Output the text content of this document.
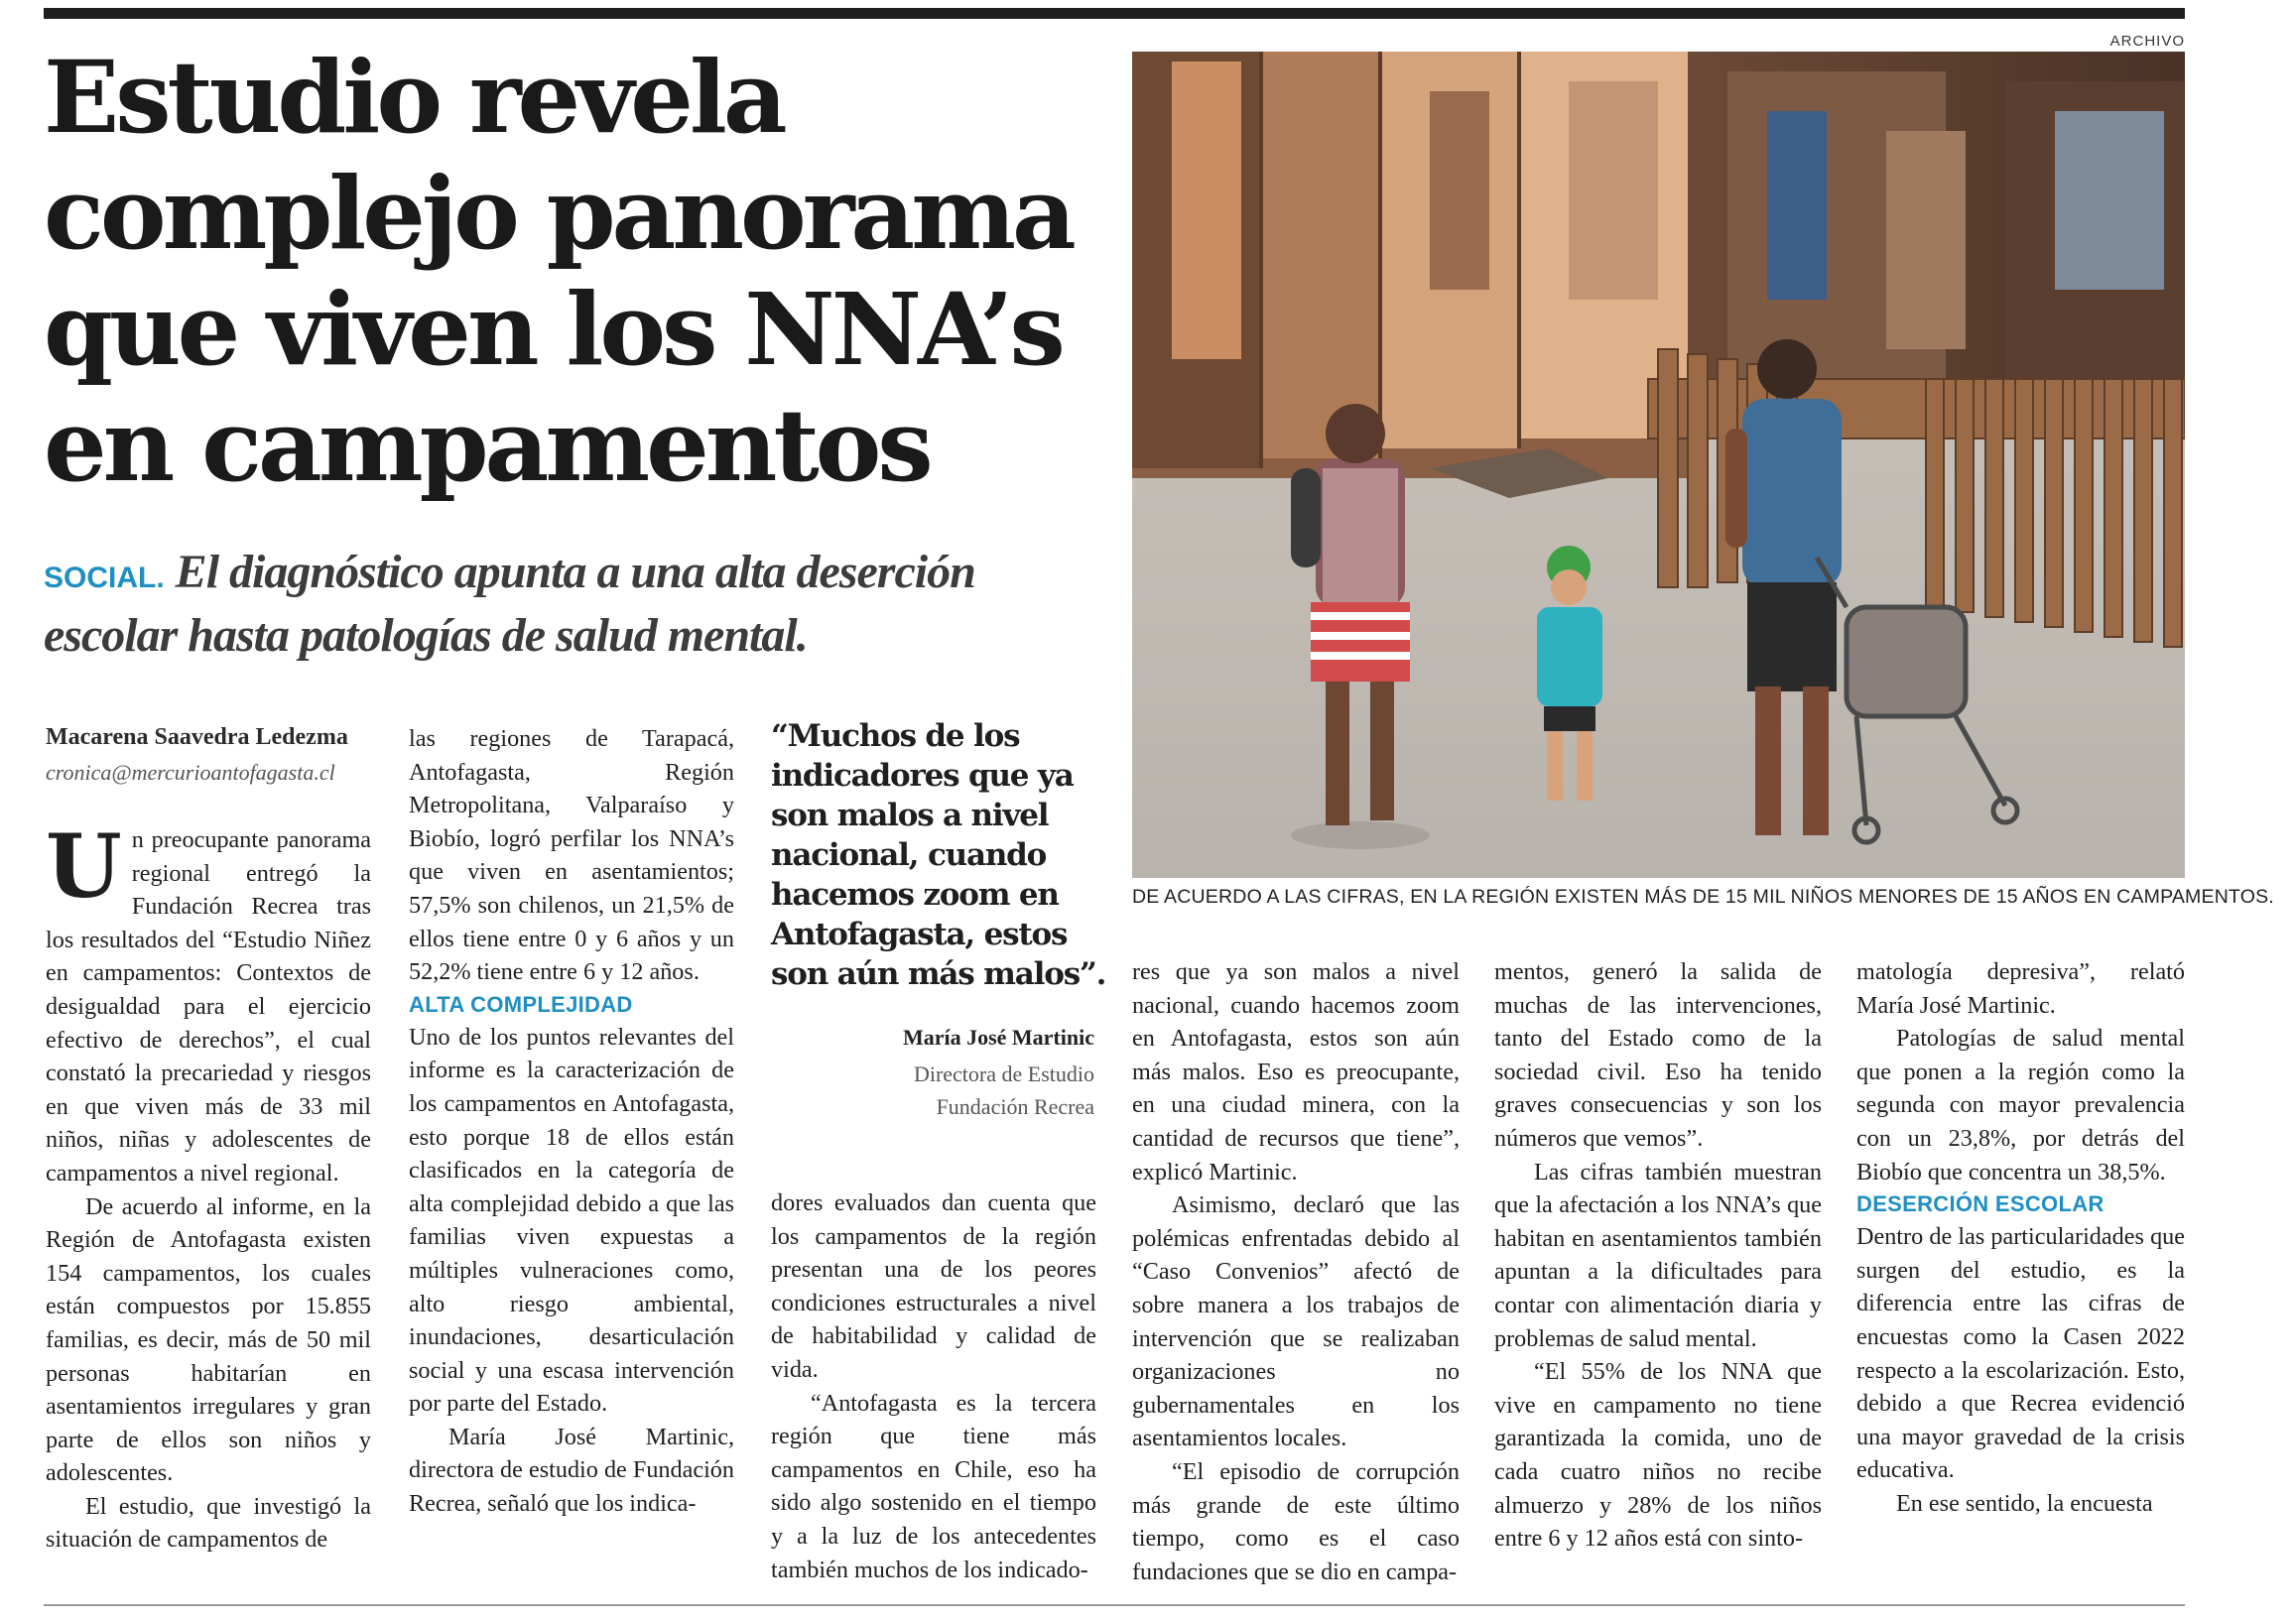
Estudio revela complejo panorama que viven los NNA’s en campamentos

SOCIAL. El diagnóstico apunta a una alta deserción escolar hasta patologías de salud mental.

ARCHIVO
DE ACUERDO A LAS CIFRAS, EN LA REGIÓN EXISTEN MÁS DE 15 MIL NIÑOS MENORES DE 15 AÑOS EN CAMPAMENTOS.
Macarena Saavedra Ledezma
cronica@mercurioantofagasta.cl

Un preocupante panorama regional entregó la Fundación Recrea tras los resultados del “Estudio Niñez en campamentos: Contextos de desigualdad para el ejercicio efectivo de derechos”, el cual constató la precariedad y riesgos en que viven más de 33 mil niños, niñas y adolescentes de campamentos a nivel regional.

De acuerdo al informe, en la Región de Antofagasta existen 154 campamentos, los cuales están compuestos por 15.855 familias, es decir, más de 50 mil personas habitarían en asentamientos irregulares y gran parte de ellos son niños y adolescentes.

El estudio, que investigó la situación de campamentos de

las regiones de Tarapacá, Antofagasta, Región Metropolitana, Valparaíso y Biobío, logró perfilar los NNA’s que viven en asentamientos; 57,5% son chilenos, un 21,5% de ellos tiene entre 0 y 6 años y un 52,2% tiene entre 6 y 12 años.

ALTA COMPLEJIDAD

Uno de los puntos relevantes del informe es la caracterización de los campamentos en Antofagasta, esto porque 18 de ellos están clasificados en la categoría de alta complejidad debido a que las familias viven expuestas a múltiples vulneraciones como, alto riesgo ambiental, inundaciones, desarticulación social y una escasa intervención por parte del Estado.

María José Martinic, directora de estudio de Fundación Recrea, señaló que los indica-

“Muchos de los indicadores que ya son malos a nivel nacional, cuando hacemos zoom en Antofagasta, estos son aún más malos”.

María José Martinic
Directora de Estudio
Fundación Recrea

dores evaluados dan cuenta que los campamentos de la región presentan una de los peores condiciones estructurales a nivel de habitabilidad y calidad de vida.

“Antofagasta es la tercera región que tiene más campamentos en Chile, eso ha sido algo sostenido en el tiempo y a la luz de los antecedentes también muchos de los indicado-

res que ya son malos a nivel nacional, cuando hacemos zoom en Antofagasta, estos son aún más malos. Eso es preocupante, en una ciudad minera, con la cantidad de recursos que tiene”, explicó Martinic.

Asimismo, declaró que las polémicas enfrentadas debido al “Caso Convenios” afectó de sobre manera a los trabajos de intervención que se realizaban organizaciones no gubernamentales en los asentamientos locales.

“El episodio de corrupción más grande de este último tiempo, como es el caso fundaciones que se dio en campa-

mentos, generó la salida de muchas de las intervenciones, tanto del Estado como de la sociedad civil. Eso ha tenido graves consecuencias y son los números que vemos”.

Las cifras también muestran que la afectación a los NNA’s que habitan en asentamientos también apuntan a la dificultades para contar con alimentación diaria y problemas de salud mental.

“El 55% de los NNA que vive en campamento no tiene garantizada la comida, uno de cada cuatro niños no recibe almuerzo y 28% de los niños entre 6 y 12 años está con sinto-

matología depresiva”, relató María José Martinic.

Patologías de salud mental que ponen a la región como la segunda con mayor prevalencia con un 23,8%, por detrás del Biobío que concentra un 38,5%.

DESERCIÓN ESCOLAR

Dentro de las particularidades que surgen del estudio, es la diferencia entre las cifras de encuestas como la Casen 2022 respecto a la escolarización. Esto, debido a que Recrea evidenció una mayor gravedad de la crisis educativa.

En ese sentido, la encuesta
